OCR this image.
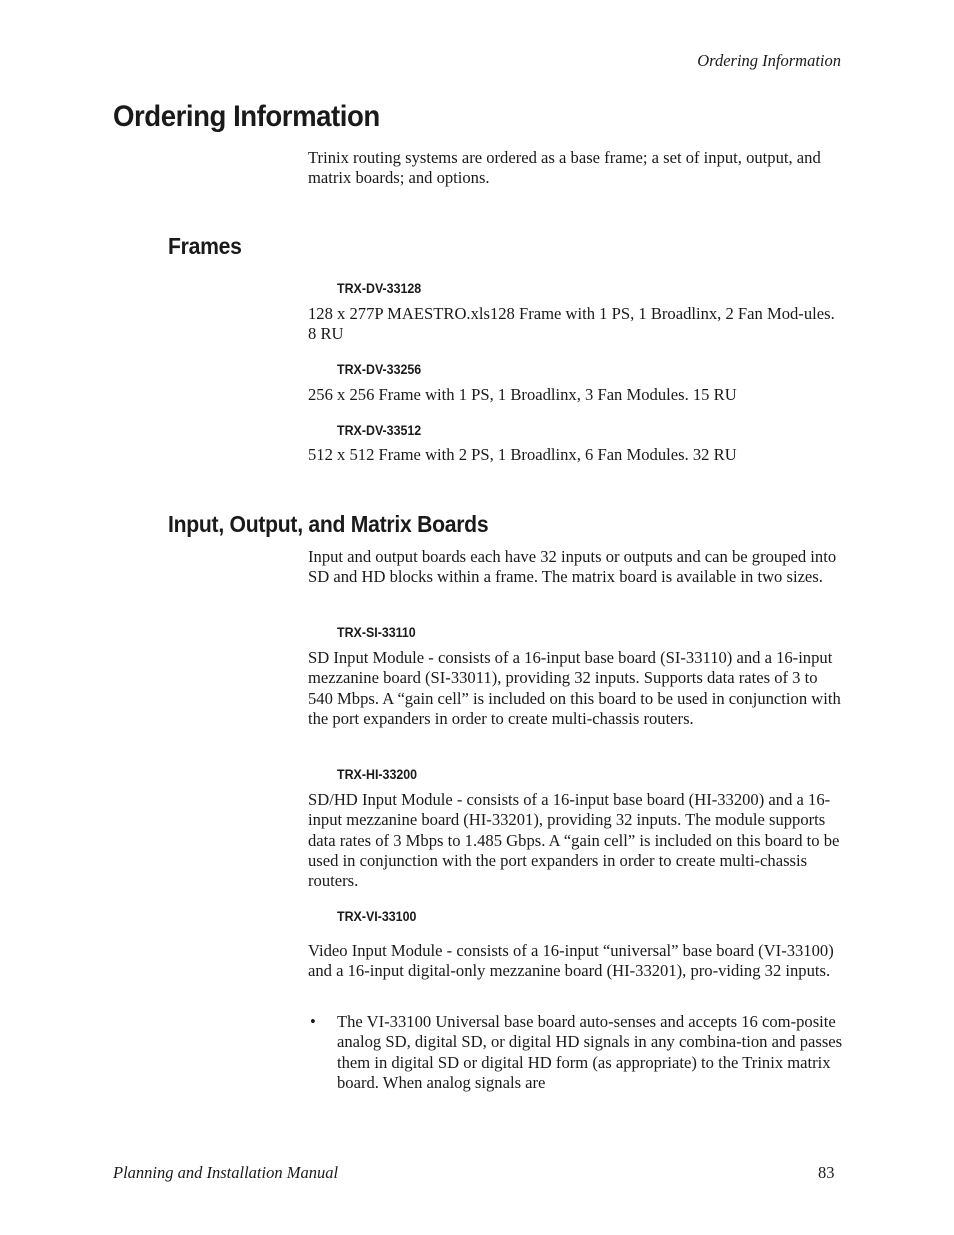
Ordering Information
Ordering Information

Trinix routing systems are ordered as a base frame; a set of input, output, and matrix boards; and options.

Frames

TRX-DV-33128

128 x 277P MAESTRO.xls128 Frame with 1 PS, 1 Broadlinx, 2 Fan Mod-ules. 8 RU

TRX-DV-33256

256 x 256 Frame with 1 PS, 1 Broadlinx, 3 Fan Modules. 15 RU

TRX-DV-33512

512 x 512 Frame with 2 PS, 1 Broadlinx, 6 Fan Modules. 32 RU

Input, Output, and Matrix Boards

Input and output boards each have 32 inputs or outputs and can be grouped into SD and HD blocks within a frame. The matrix board is available in two sizes.

TRX-SI-33110

SD Input Module - consists of a 16-input base board (SI-33110) and a 16-input mezzanine board (SI-33011), providing 32 inputs. Supports data rates of 3 to 540 Mbps. A “gain cell” is included on this board to be used in conjunction with the port expanders in order to create multi-chassis routers.

TRX-HI-33200

SD/HD Input Module - consists of a 16-input base board (HI-33200) and a 16-input mezzanine board (HI-33201), providing 32 inputs. The module supports data rates of 3 Mbps to 1.485 Gbps. A “gain cell” is included on this board to be used in conjunction with the port expanders in order to create multi-chassis routers.

TRX-VI-33100

Video Input Module - consists of a 16-input “universal” base board (VI-33100) and a 16-input digital-only mezzanine board (HI-33201), pro-viding 32 inputs.

• The VI-33100 Universal base board auto-senses and accepts 16 com-posite analog SD, digital SD, or digital HD signals in any combina-tion and passes them in digital SD or digital HD form (as appropriate) to the Trinix matrix board. When analog signals are

Planning and Installation Manual	83
